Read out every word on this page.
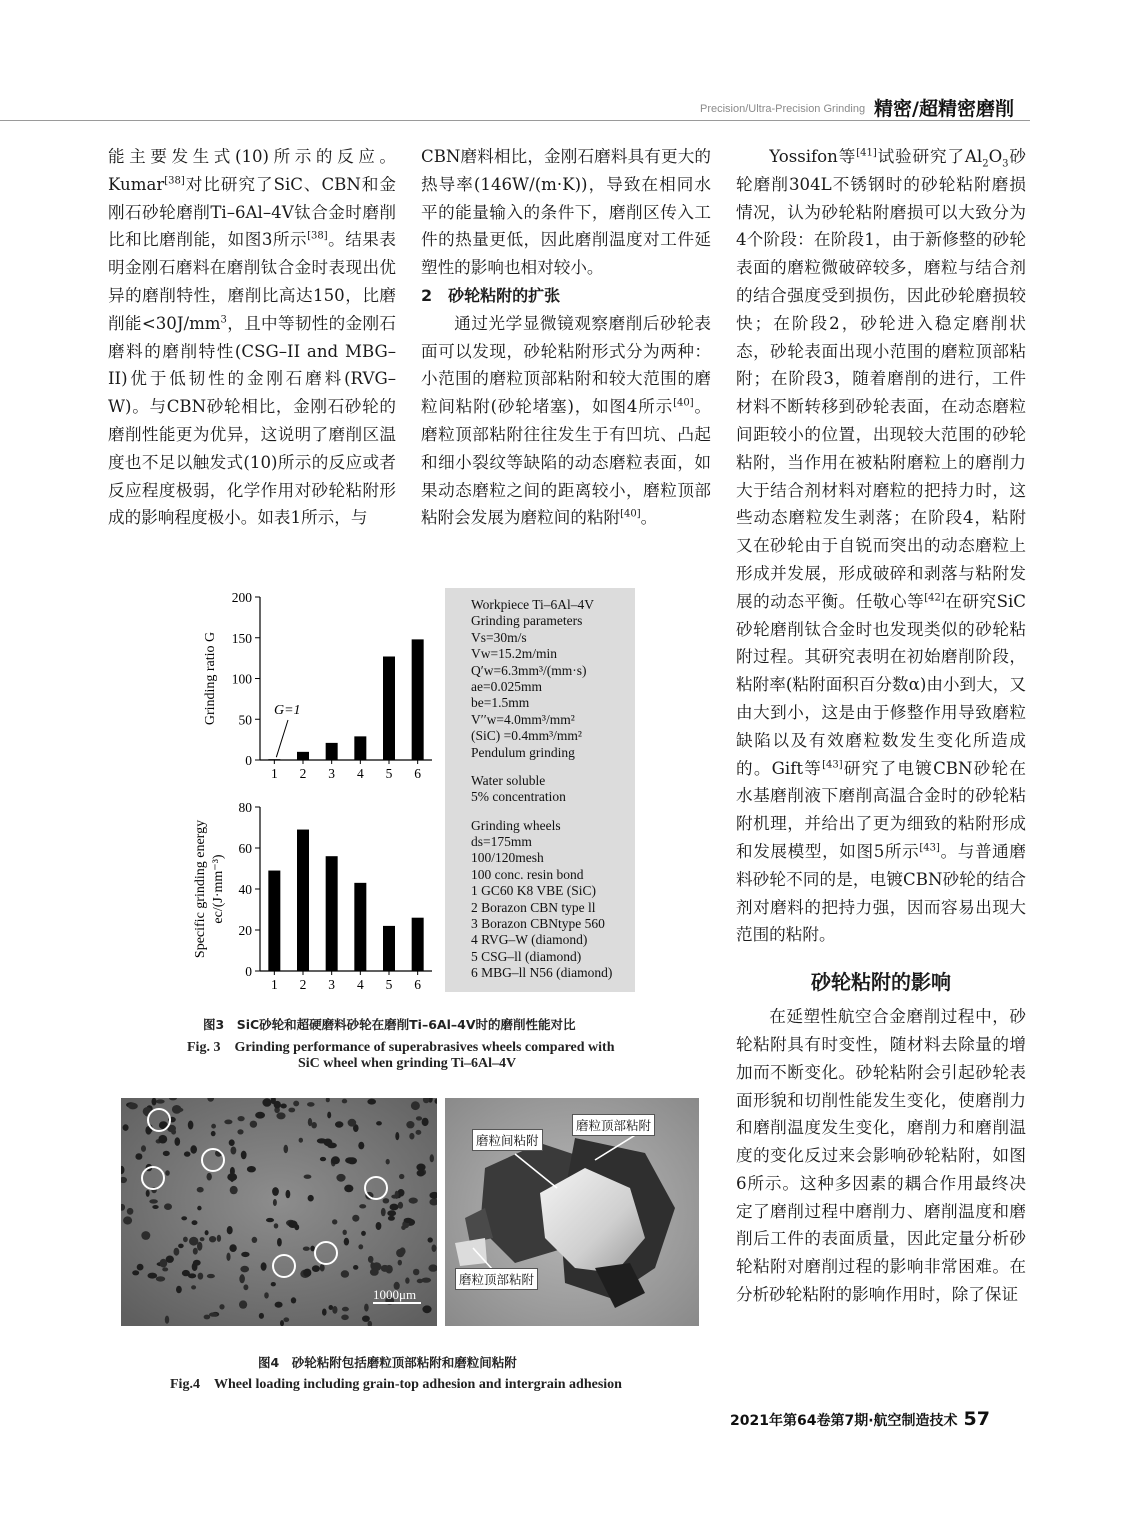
Precision/Ultra-Precision Grinding 精密/超精密磨削

能主要发生式(10)所示的反应。Kumar[38]对比研究了SiC、CBN和金刚石砂轮磨削Ti–6Al–4V钛合金时磨削比和比磨削能，如图3所示[38]。结果表明金刚石磨料在磨削钛合金时表现出优异的磨削特性，磨削比高达150，比磨削能$<30J/mm^3$，且中等韧性的金刚石磨料的磨削特性(CSG–II and MBG–II)优于低韧性的金刚石磨料(RVG–W)。与CBN砂轮相比，金刚石砂轮的磨削性能更为优异，这说明了磨削区温度也不足以触发式(10)所示的反应或者反应程度极弱，化学作用对砂轮粘附形成的影响程度极小。如表1所示，与

CBN磨料相比，金刚石磨料具有更大的热导率(146W/(m·K))，导致在相同水平的能量输入的条件下，磨削区传入工件的热量更低，因此磨削温度对工件延塑性的影响也相对较小。

2　砂轮粘附的扩张

通过光学显微镜观察磨削后砂轮表面可以发现，砂轮粘附形式分为两种：小范围的磨粒顶部粘附和较大范围的磨粒间粘附(砂轮堵塞)，如图4所示[40]。磨粒顶部粘附往往发生于有凹坑、凸起和细小裂纹等缺陷的动态磨粒表面，如果动态磨粒之间的距离较小，磨粒顶部粘附会发展为磨粒间的粘附[40]。

Yossifon等[41]试验研究了$Al_2O_3$砂轮磨削304L不锈钢时的砂轮粘附磨损情况，认为砂轮粘附磨损可以大致分为4个阶段：在阶段1，由于新修整的砂轮表面的磨粒微破碎较多，磨粒与结合剂的结合强度受到损伤，因此砂轮磨损较快；在阶段2，砂轮进入稳定磨削状态，砂轮表面出现小范围的磨粒顶部粘附；在阶段3，随着磨削的进行，工件材料不断转移到砂轮表面，在动态磨粒间距较小的位置，出现较大范围的砂轮粘附，当作用在被粘附磨粒上的磨削力大于结合剂材料对磨粒的把持力时，这些动态磨粒发生剥落；在阶段4，粘附又在砂轮由于自锐而突出的动态磨粒上形成并发展，形成破碎和剥落与粘附发展的动态平衡。任敬心等[42]在研究SiC砂轮磨削钛合金时也发现类似的砂轮粘附过程。其研究表明在初始磨削阶段，粘附率(粘附面积百分数α)由小到大，又由大到小，这是由于修整作用导致磨粒缺陷以及有效磨粒数发生变化所造成的。Gift等[43]研究了电镀CBN砂轮在水基磨削液下磨削高温合金时的砂轮粘附机理，并给出了更为细致的粘附形成和发展模型，如图5所示[43]。与普通磨料砂轮不同的是，电镀CBN砂轮的结合剂对磨料的把持力强，因而容易出现大范围的粘附。

砂轮粘附的影响

在延塑性航空合金磨削过程中，砂轮粘附具有时变性，随材料去除量的增加而不断变化。砂轮粘附会引起砂轮表面形貌和切削性能发生变化，使磨削力和磨削温度发生变化，磨削力和磨削温度的变化反过来会影响砂轮粘附，如图6所示。这种多因素的耦合作用最终决定了磨削过程中磨削力、磨削温度和磨削后工件的表面质量，因此定量分析砂轮粘附对磨削过程的影响非常困难。在分析砂轮粘附的影响作用时，除了保证

0
50
100
150
200
1 2 3 4 5 6
Grinding ratio G	G=1
0
20
40
60
80
1 2 3 4 5 6
Specific grinding energy ec/(J·mm⁻³)
Workpiece Ti–6Al–4V
Grinding parameters
Vs=30m/s
Vw=15.2m/min
Q′w=6.3mm³/(mm·s)
ae=0.025mm
be=1.5mm
V′′w=4.0mm³/mm²
(SiC) =0.4mm³/mm²
Pendulum grinding
Water soluble
5% concentration
Grinding wheels
ds=175mm
100/120mesh
100 conc. resin bond
1 GC60 K8 VBE (SiC)
2 Borazon CBN type ll
3 Borazon CBNtype 560
4 RVG–W (diamond)
5 CSG–ll (diamond)
6 MBG–ll N56 (diamond)
图3　SiC砂轮和超硬磨料砂轮在磨削Ti–6Al–4V时的磨削性能对比
Fig. 3　Grinding performance of superabrasives wheels compared with
SiC wheel when grinding Ti–6Al–4V
1000μm
磨粒间粘附
磨粒顶部粘附
磨粒顶部粘附
图4　砂轮粘附包括磨粒顶部粘附和磨粒间粘附
Fig.4　Wheel loading including grain-top adhesion and intergrain adhesion
2021年第64卷第7期·航空制造技术 57
